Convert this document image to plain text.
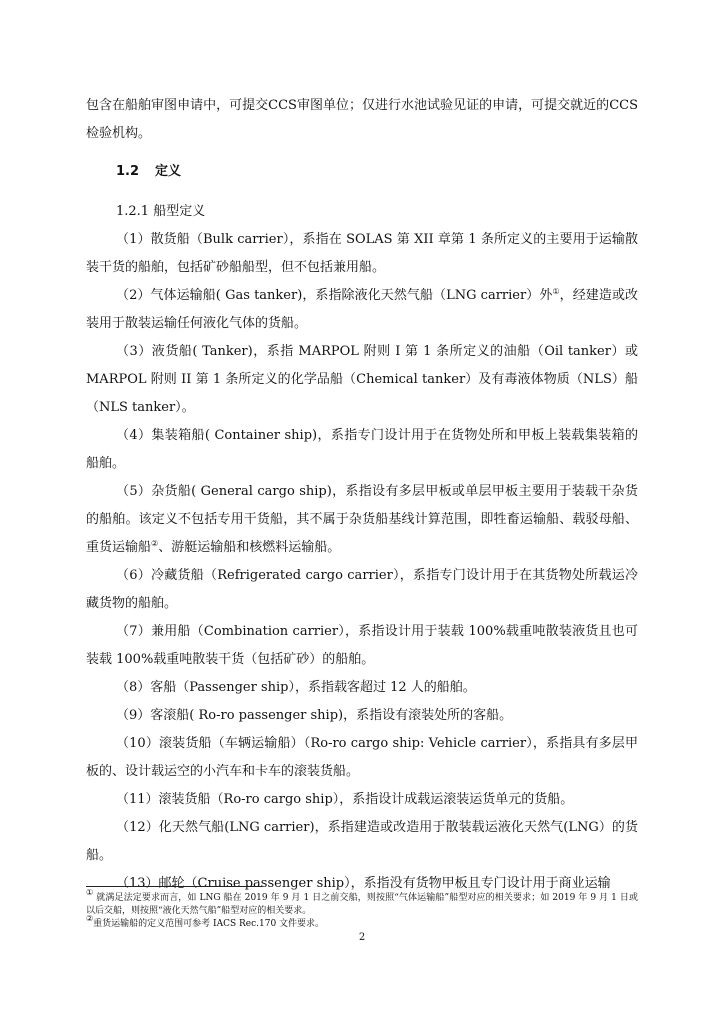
包含在船舶审图申请中，可提交CCS审图单位；仅进行水池试验见证的申请，可提交就近的CCS检验机构。

1.2 定义

1.2.1 船型定义

（1）散货船（Bulk carrier），系指在 SOLAS 第 XII 章第 1 条所定义的主要用于运输散装干货的船舶，包括矿砂船船型，但不包括兼用船。

（2）气体运输船( Gas tanker)，系指除液化天然气船（LNG carrier）外①，经建造或改装用于散装运输任何液化气体的货船。

（3）液货船( Tanker)，系指 MARPOL 附则 I 第 1 条所定义的油船（Oil tanker）或 MARPOL 附则 II 第 1 条所定义的化学品船（Chemical tanker）及有毒液体物质（NLS）船（NLS tanker）。

（4）集装箱船( Container ship)，系指专门设计用于在货物处所和甲板上装载集装箱的船舶。

（5）杂货船( General cargo ship)，系指设有多层甲板或单层甲板主要用于装载干杂货的船舶。该定义不包括专用干货船，其不属于杂货船基线计算范围，即牲畜运输船、载驳母船、重货运输船②、游艇运输船和核燃料运输船。

（6）冷藏货船（Refrigerated cargo carrier），系指专门设计用于在其货物处所载运冷藏货物的船舶。

（7）兼用船（Combination carrier），系指设计用于装载 100%载重吨散装液货且也可装载 100%载重吨散装干货（包括矿砂）的船舶。

（8）客船（Passenger ship），系指载客超过 12 人的船舶。

（9）客滚船( Ro-ro passenger ship)，系指设有滚装处所的客船。

（10）滚装货船（车辆运输船）（Ro-ro cargo ship: Vehicle carrier），系指具有多层甲板的、设计载运空的小汽车和卡车的滚装货船。

（11）滚装货船（Ro-ro cargo ship），系指设计成载运滚装运货单元的货船。

（12）化天然气船(LNG carrier)，系指建造或改造用于散装载运液化天然气(LNG）的货船。

（13）邮轮（Cruise passenger ship），系指没有货物甲板且专门设计用于商业运输

① 就满足法定要求而言，如 LNG 船在 2019 年 9 月 1 日之前交船，则按照“气体运输船”船型对应的相关要求；如 2019 年 9 月 1 日或以后交船，则按照“液化天然气船”船型对应的相关要求。

②重货运输船的定义范围可参考 IACS Rec.170 文件要求。

2
